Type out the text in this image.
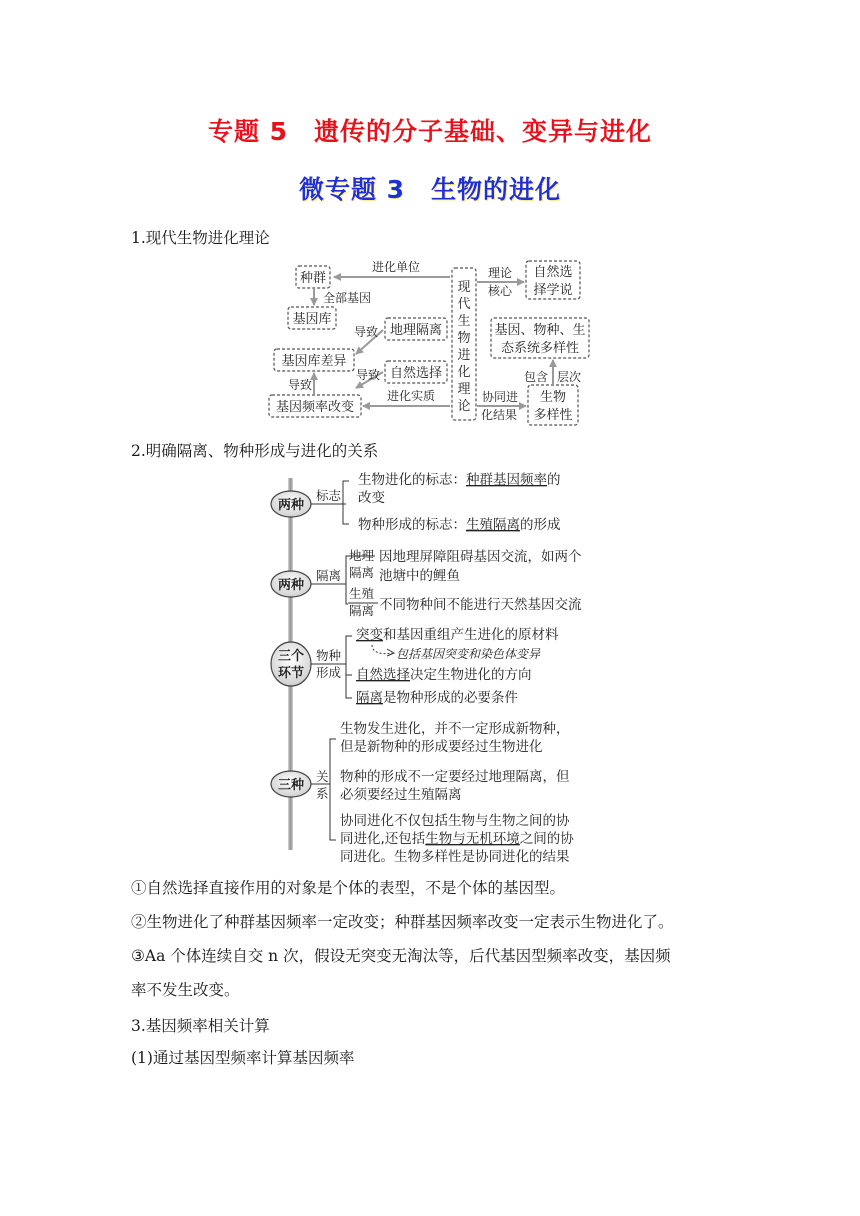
专题 5　遗传的分子基础、变异与进化
微专题 3　生物的进化
1.现代生物进化理论
现
代
生
物
进
化
理
论
种群
基因库
地理隔离
基因库差异
自然选择
基因频率改变
自然选
择学说
基因、物种、生
态系统多样性
生物
多样性
进化单位
全部基因
导致
导致
导致
进化实质
理论
核心
包含 层次
协同进
化结果
2.明确隔离、物种形成与进化的关系
两种
两种
三个
环节
三种
标志
隔离
物种
形成
关
系
地理
隔离
生殖
隔离
生物进化的标志：种群基因频率的
改变
物种形成的标志：生殖隔离的形成
因地理屏障阻碍基因交流，如两个
池塘中的鲤鱼
不同物种间不能进行天然基因交流
突变和基因重组产生进化的原材料
自然选择决定生物进化的方向
隔离是物种形成的必要条件
生物发生进化，并不一定形成新物种，
但是新物种的形成要经过生物进化
物种的形成不一定要经过地理隔离，但
必须要经过生殖隔离
协同进化不仅包括生物与生物之间的协
同进化,还包括生物与无机环境之间的协
同进化。生物多样性是协同进化的结果
包括基因突变和染色体变异
①自然选择直接作用的对象是个体的表型，不是个体的基因型。
②生物进化了种群基因频率一定改变；种群基因频率改变一定表示生物进化了。
③Aa 个体连续自交 n 次，假设无突变无淘汰等，后代基因型频率改变，基因频
率不发生改变。
3.基因频率相关计算
(1)通过基因型频率计算基因频率
